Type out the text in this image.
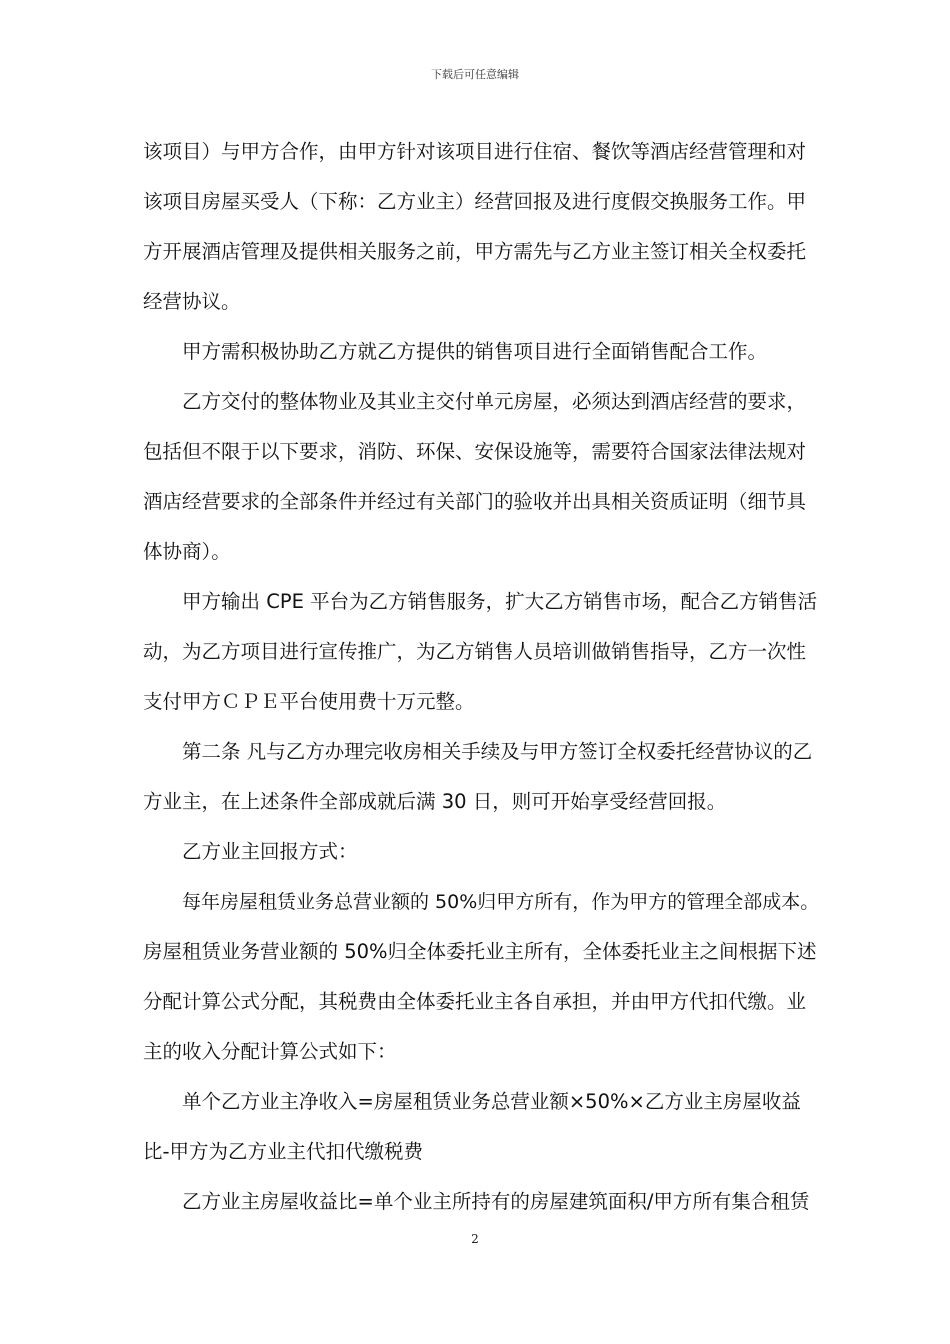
下载后可任意编辑
该项目）与甲方合作，由甲方针对该项目进行住宿、餐饮等酒店经营管理和对
该项目房屋买受人（下称：乙方业主）经营回报及进行度假交换服务工作。甲
方开展酒店管理及提供相关服务之前，甲方需先与乙方业主签订相关全权委托
经营协议。
甲方需积极协助乙方就乙方提供的销售项目进行全面销售配合工作。
乙方交付的整体物业及其业主交付单元房屋，必须达到酒店经营的要求，
包括但不限于以下要求，消防、环保、安保设施等，需要符合国家法律法规对
酒店经营要求的全部条件并经过有关部门的验收并出具相关资质证明（细节具
体协商）。
甲方输出 CPE 平台为乙方销售服务，扩大乙方销售市场，配合乙方销售活
动，为乙方项目进行宣传推广，为乙方销售人员培训做销售指导，乙方一次性
支付甲方ＣＰＥ平台使用费十万元整。
第二条 凡与乙方办理完收房相关手续及与甲方签订全权委托经营协议的乙
方业主，在上述条件全部成就后满 30 日，则可开始享受经营回报。
乙方业主回报方式：
每年房屋租赁业务总营业额的 50%归甲方所有，作为甲方的管理全部成本。
房屋租赁业务营业额的 50%归全体委托业主所有，全体委托业主之间根据下述
分配计算公式分配，其税费由全体委托业主各自承担，并由甲方代扣代缴。业
主的收入分配计算公式如下：
单个乙方业主净收入=房屋租赁业务总营业额×50%×乙方业主房屋收益
比-甲方为乙方业主代扣代缴税费
乙方业主房屋收益比=单个业主所持有的房屋建筑面积/甲方所有集合租赁
2
